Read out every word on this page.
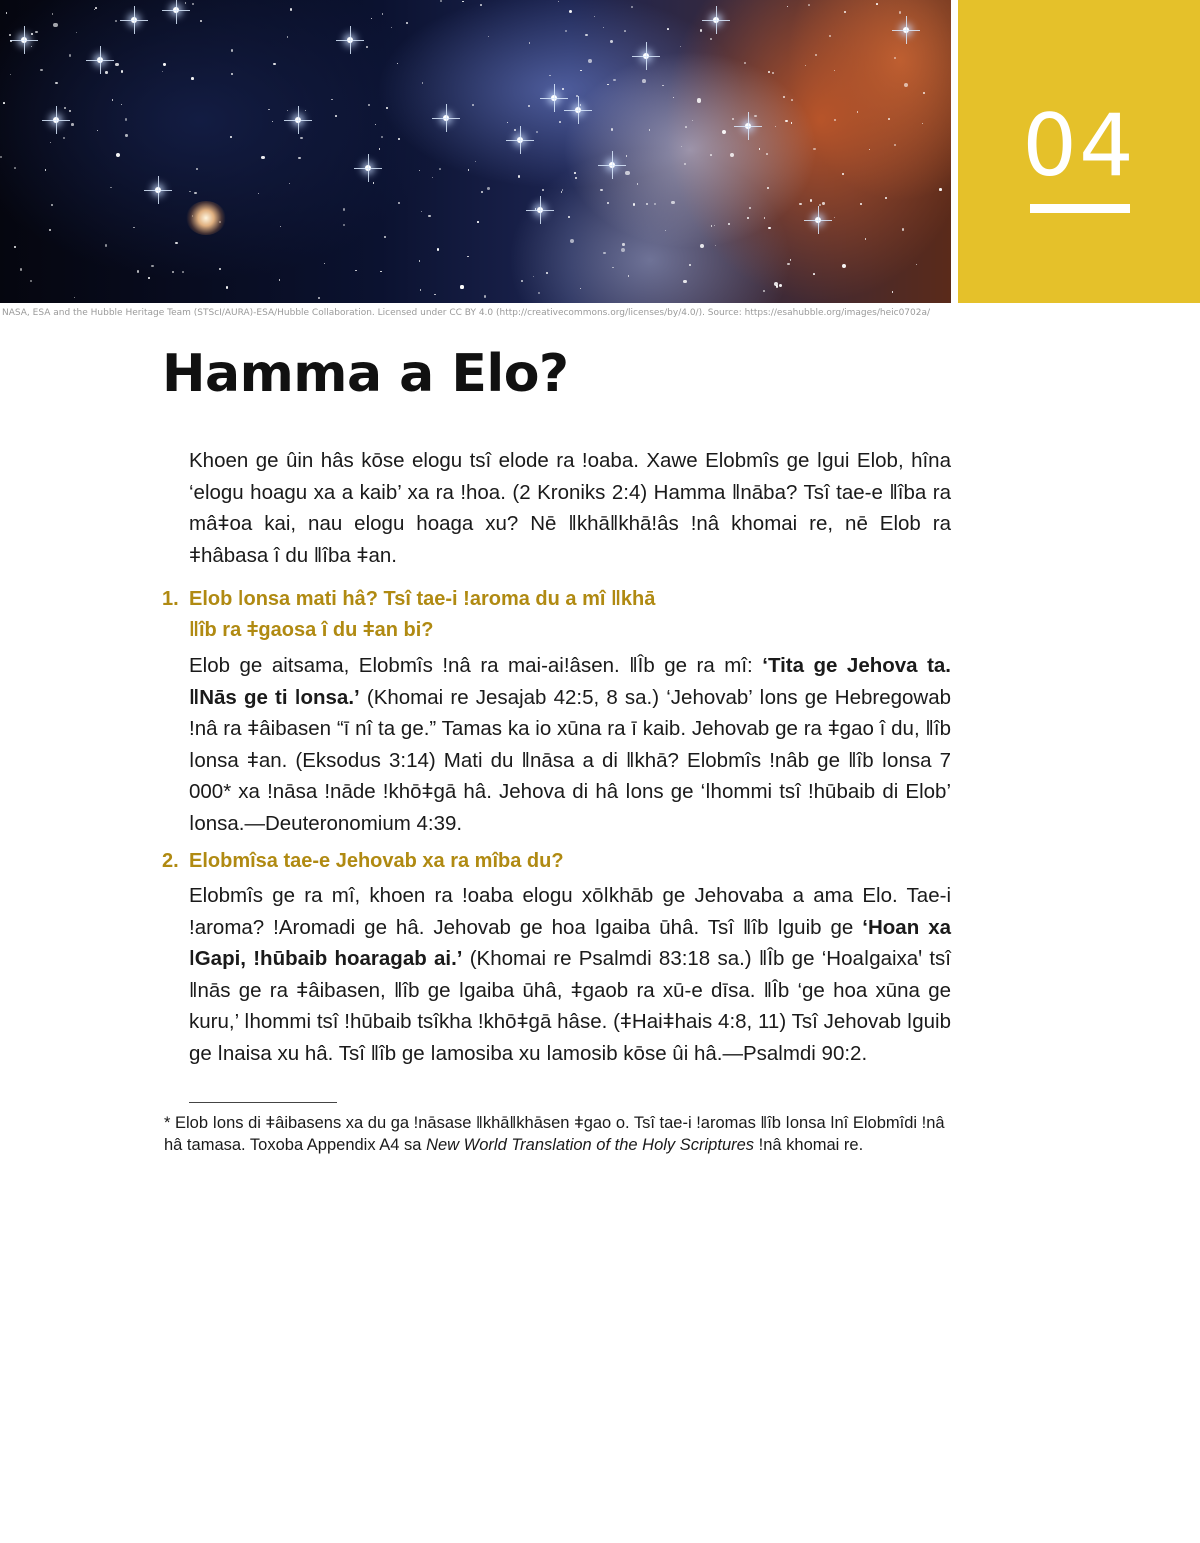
04
NASA, ESA and the Hubble Heritage Team (STScI/AURA)-ESA/Hubble Collaboration. Licensed under CC BY 4.0 (http://creativecommons.org/licenses/by/4.0/). Source: https://esahubble.org/images/heic0702a/
Hamma a Elo?

Khoen ge ûin hâs kōse elogu tsî elode ra ǃoaba. Xawe Elobmîs ge ǀgui Elob, hîna ‘elogu hoagu xa a kaib’ xa ra ǃhoa. (2 Kroniks 2:4) Hamma ǁnāba? Tsî tae-e ǁîba ra mâǂoa kai, nau elogu hoaga xu? Nē ǁkhāǁkhāǃâs ǃnâ khomai re, nē Elob ra ǂhâbasa î du ǁîba ǂan.

1. Elob ǀonsa mati hâ? Tsî tae-i ǃaroma du a mî ǁkhā
ǁîb ra ǂgaosa î du ǂan bi?

Elob ge aitsama, Elobmîs ǃnâ ra mai-aiǃâsen. ǁÎb ge ra mî: ‘Tita ge Jehova ta. ǁNās ge ti ǀonsa.’ (Khomai re Jesajab 42:5, 8 sa.) ‘Jehovab’ ǀons ge Hebregowab ǃnâ ra ǂâibasen “ī nî ta ge.” Tamas ka io xūna ra ī kaib. Jehovab ge ra ǂgao î du, ǁîb ǀonsa ǂan. (Eksodus 3:14) Mati du ǁnāsa a di ǁkhā? Elobmîs ǃnâb ge ǁîb ǀonsa 7 000* xa ǃnāsa ǃnāde ǃkhōǂgā hâ. Jehova di hâ ǀons ge ‘ǀhommi tsî ǃhūbaib di Elob’ ǀonsa.—Deuteronomium 4:39.

2. Elobmîsa tae-e Jehovab xa ra mîba du?

Elobmîs ge ra mî, khoen ra ǃoaba elogu xōǀkhāb ge Jehovaba a ama Elo. Tae-i ǃaroma? ǃAromadi ge hâ. Jehovab ge hoa ǀgaiba ūhâ. Tsî ǁîb ǀguib ge ‘Hoan xa ǀGapi, ǃhūbaib hoaragab ai.’ (Khomai re Psalmdi 83:18 sa.) ǁÎb ge ‘Hoaǀgaixaꞌ tsî ǁnās ge ra ǂâibasen, ǁîb ge ǀgaiba ūhâ, ǂgaob ra xū-e dīsa. ǁÎb ‘ge hoa xūna ge kuru,’ ǀhommi tsî ǃhūbaib tsîkha ǃkhōǂgā hâse. (ǂHaiǂhais 4:8, 11) Tsî Jehovab ǀguib ge ǀnaisa xu hâ. Tsî ǁîb ge ǀamosiba xu ǀamosib kōse ûi hâ.—Psalmdi 90:2.

* Elob ǀons di ǂâibasens xa du ga ǃnāsase ǁkhāǁkhāsen ǂgao o. Tsî tae-i ǃaromas ǁîb ǀonsa ǀnî Elobmîdi ǃnâ hâ tamasa. Toxoba Appendix A4 sa New World Translation of the Holy Scriptures ǃnâ khomai re.
